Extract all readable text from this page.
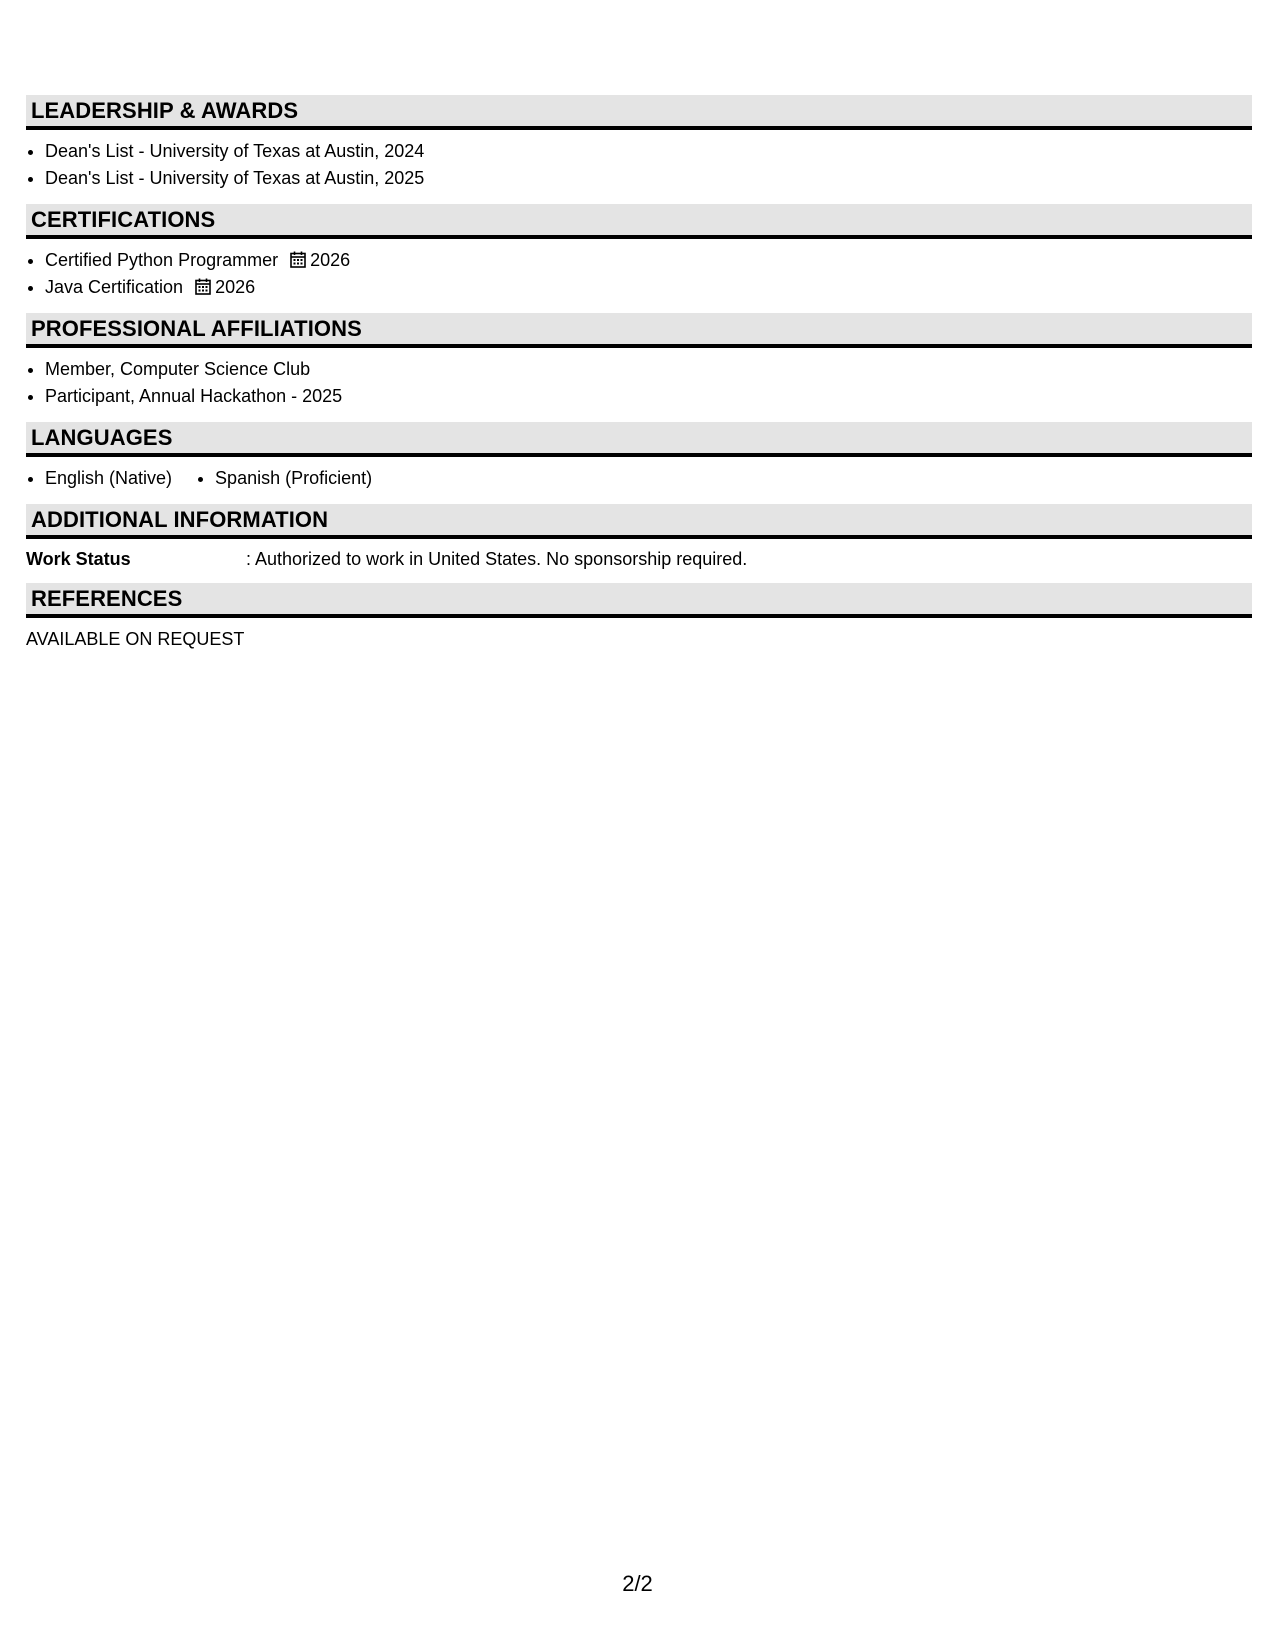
LEADERSHIP & AWARDS
Dean's List - University of Texas at Austin, 2024
Dean's List - University of Texas at Austin, 2025
CERTIFICATIONS
Certified Python Programmer 2026
Java Certification 2026
PROFESSIONAL AFFILIATIONS
Member, Computer Science Club
Participant, Annual Hackathon - 2025
LANGUAGES
English (Native)	Spanish (Proficient)
ADDITIONAL INFORMATION
Work Status	: Authorized to work in United States. No sponsorship required.
REFERENCES
AVAILABLE ON REQUEST
2/2
